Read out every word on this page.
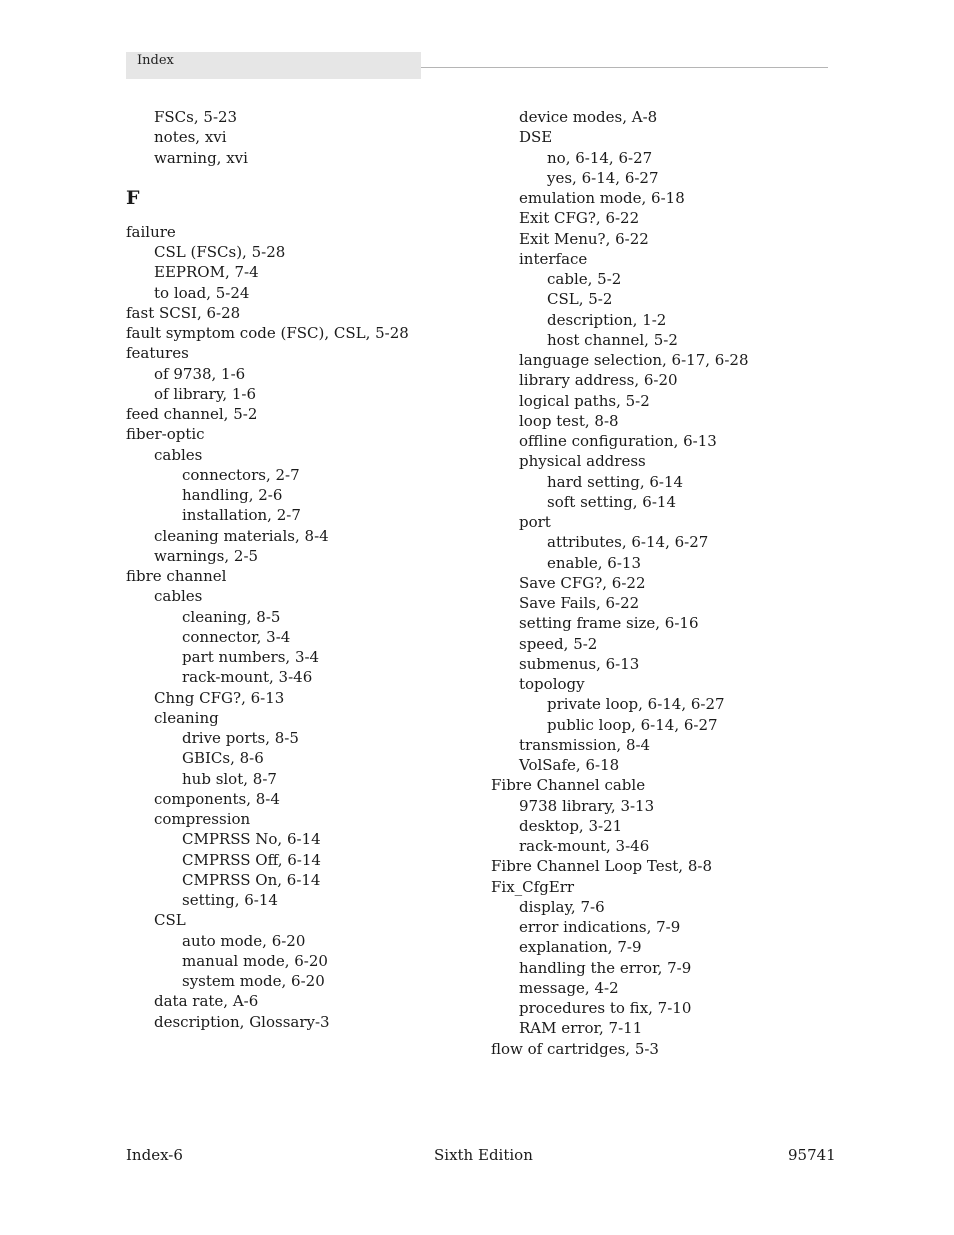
Index
FSCs, 5-23
notes, xvi
warning, xvi
F
failure
CSL (FSCs), 5-28
EEPROM, 7-4
to load, 5-24
fast SCSI, 6-28
fault symptom code (FSC), CSL, 5-28
features
of 9738, 1-6
of library, 1-6
feed channel, 5-2
fiber-optic
cables
connectors, 2-7
handling, 2-6
installation, 2-7
cleaning materials, 8-4
warnings, 2-5
fibre channel
cables
cleaning, 8-5
connector, 3-4
part numbers, 3-4
rack-mount, 3-46
Chng CFG?, 6-13
cleaning
drive ports, 8-5
GBICs, 8-6
hub slot, 8-7
components, 8-4
compression
CMPRSS No, 6-14
CMPRSS Off, 6-14
CMPRSS On, 6-14
setting, 6-14
CSL
auto mode, 6-20
manual mode, 6-20
system mode, 6-20
data rate, A-6
description, Glossary-3
device modes, A-8
DSE
no, 6-14, 6-27
yes, 6-14, 6-27
emulation mode, 6-18
Exit CFG?, 6-22
Exit Menu?, 6-22
interface
cable, 5-2
CSL, 5-2
description, 1-2
host channel, 5-2
language selection, 6-17, 6-28
library address, 6-20
logical paths, 5-2
loop test, 8-8
offline configuration, 6-13
physical address
hard setting, 6-14
soft setting, 6-14
port
attributes, 6-14, 6-27
enable, 6-13
Save CFG?, 6-22
Save Fails, 6-22
setting frame size, 6-16
speed, 5-2
submenus, 6-13
topology
private loop, 6-14, 6-27
public loop, 6-14, 6-27
transmission, 8-4
VolSafe, 6-18
Fibre Channel cable
9738 library, 3-13
desktop, 3-21
rack-mount, 3-46
Fibre Channel Loop Test, 8-8
Fix_CfgErr
display, 7-6
error indications, 7-9
explanation, 7-9
handling the error, 7-9
message, 4-2
procedures to fix, 7-10
RAM error, 7-11
flow of cartridges, 5-3
Index-6	Sixth Edition	95741
